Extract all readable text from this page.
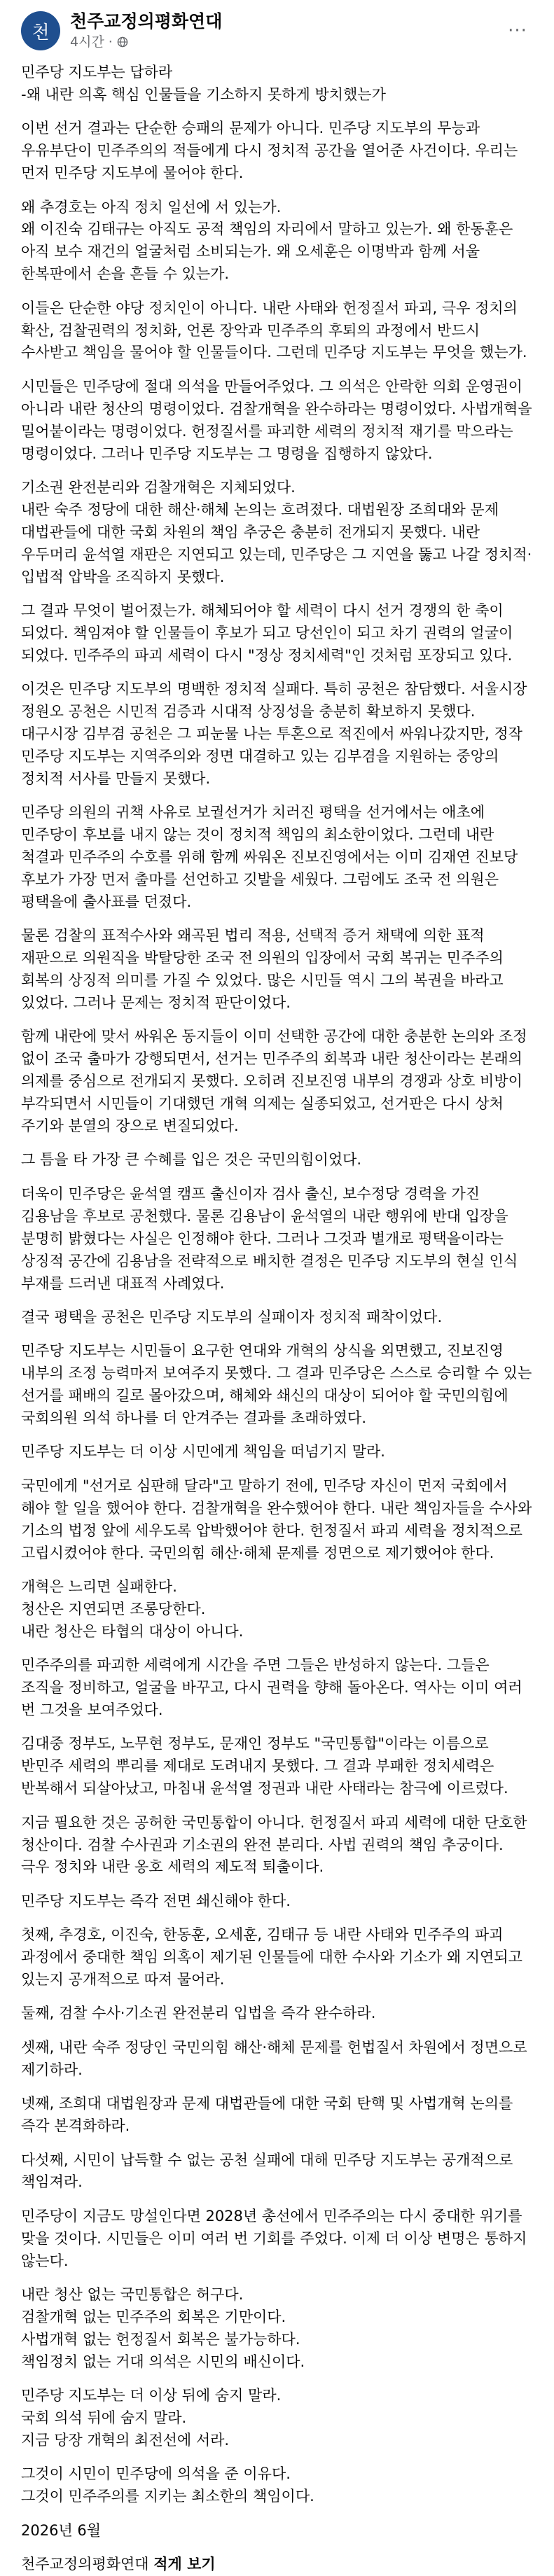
천
천주교정의평화연대
4시간 ·
···

민주당 지도부는 답하라
-왜 내란 의혹 핵심 인물들을 기소하지 못하게 방치했는가

이번 선거 결과는 단순한 승패의 문제가 아니다. 민주당 지도부의 무능과 우유부단이 민주주의의 적들에게 다시 정치적 공간을 열어준 사건이다. 우리는 먼저 민주당 지도부에 물어야 한다.

왜 추경호는 아직 정치 일선에 서 있는가.
왜 이진숙 김태규는 아직도 공적 책임의 자리에서 말하고 있는가. 왜 한동훈은 아직 보수 재건의 얼굴처럼 소비되는가. 왜 오세훈은 이명박과 함께 서울 한복판에서 손을 흔들 수 있는가.

이들은 단순한 야당 정치인이 아니다. 내란 사태와 헌정질서 파괴, 극우 정치의 확산, 검찰권력의 정치화, 언론 장악과 민주주의 후퇴의 과정에서 반드시 수사받고 책임을 물어야 할 인물들이다. 그런데 민주당 지도부는 무엇을 했는가.

시민들은 민주당에 절대 의석을 만들어주었다. 그 의석은 안락한 의회 운영권이 아니라 내란 청산의 명령이었다. 검찰개혁을 완수하라는 명령이었다. 사법개혁을 밀어붙이라는 명령이었다. 헌정질서를 파괴한 세력의 정치적 재기를 막으라는 명령이었다. 그러나 민주당 지도부는 그 명령을 집행하지 않았다.

기소권 완전분리와 검찰개혁은 지체되었다.
내란 숙주 정당에 대한 해산·해체 논의는 흐려졌다. 대법원장 조희대와 문제 대법관들에 대한 국회 차원의 책임 추궁은 충분히 전개되지 못했다. 내란 우두머리 윤석열 재판은 지연되고 있는데, 민주당은 그 지연을 뚫고 나갈 정치적·입법적 압박을 조직하지 못했다.

그 결과 무엇이 벌어졌는가. 해체되어야 할 세력이 다시 선거 경쟁의 한 축이 되었다. 책임져야 할 인물들이 후보가 되고 당선인이 되고 차기 권력의 얼굴이 되었다. 민주주의 파괴 세력이 다시 "정상 정치세력"인 것처럼 포장되고 있다.

이것은 민주당 지도부의 명백한 정치적 실패다. 특히 공천은 참담했다. 서울시장 정원오 공천은 시민적 검증과 시대적 상징성을 충분히 확보하지 못했다. 대구시장 김부겸 공천은 그 피눈물 나는 투혼으로 적진에서 싸워나갔지만, 정작 민주당 지도부는 지역주의와 정면 대결하고 있는 김부겸을 지원하는 중앙의 정치적 서사를 만들지 못했다.

민주당 의원의 귀책 사유로 보궐선거가 치러진 평택을 선거에서는 애초에 민주당이 후보를 내지 않는 것이 정치적 책임의 최소한이었다. 그런데 내란 척결과 민주주의 수호를 위해 함께 싸워온 진보진영에서는 이미 김재연 진보당 후보가 가장 먼저 출마를 선언하고 깃발을 세웠다. 그럼에도 조국 전 의원은 평택을에 출사표를 던졌다.

물론 검찰의 표적수사와 왜곡된 법리 적용, 선택적 증거 채택에 의한 표적 재판으로 의원직을 박탈당한 조국 전 의원의 입장에서 국회 복귀는 민주주의 회복의 상징적 의미를 가질 수 있었다. 많은 시민들 역시 그의 복권을 바라고 있었다. 그러나 문제는 정치적 판단이었다.

함께 내란에 맞서 싸워온 동지들이 이미 선택한 공간에 대한 충분한 논의와 조정 없이 조국 출마가 강행되면서, 선거는 민주주의 회복과 내란 청산이라는 본래의 의제를 중심으로 전개되지 못했다. 오히려 진보진영 내부의 경쟁과 상호 비방이 부각되면서 시민들이 기대했던 개혁 의제는 실종되었고, 선거판은 다시 상처 주기와 분열의 장으로 변질되었다.

그 틈을 타 가장 큰 수혜를 입은 것은 국민의힘이었다.

더욱이 민주당은 윤석열 캠프 출신이자 검사 출신, 보수정당 경력을 가진 김용남을 후보로 공천했다. 물론 김용남이 윤석열의 내란 행위에 반대 입장을 분명히 밝혔다는 사실은 인정해야 한다. 그러나 그것과 별개로 평택을이라는 상징적 공간에 김용남을 전략적으로 배치한 결정은 민주당 지도부의 현실 인식 부재를 드러낸 대표적 사례였다.

결국 평택을 공천은 민주당 지도부의 실패이자 정치적 패착이었다.

민주당 지도부는 시민들이 요구한 연대와 개혁의 상식을 외면했고, 진보진영 내부의 조정 능력마저 보여주지 못했다. 그 결과 민주당은 스스로 승리할 수 있는 선거를 패배의 길로 몰아갔으며, 해체와 쇄신의 대상이 되어야 할 국민의힘에 국회의원 의석 하나를 더 안겨주는 결과를 초래하였다.

민주당 지도부는 더 이상 시민에게 책임을 떠넘기지 말라.

국민에게 "선거로 심판해 달라"고 말하기 전에, 민주당 자신이 먼저 국회에서 해야 할 일을 했어야 한다. 검찰개혁을 완수했어야 한다. 내란 책임자들을 수사와 기소의 법정 앞에 세우도록 압박했어야 한다. 헌정질서 파괴 세력을 정치적으로 고립시켰어야 한다. 국민의힘 해산·해체 문제를 정면으로 제기했어야 한다.

개혁은 느리면 실패한다.
청산은 지연되면 조롱당한다.
내란 청산은 타협의 대상이 아니다.

민주주의를 파괴한 세력에게 시간을 주면 그들은 반성하지 않는다. 그들은 조직을 정비하고, 얼굴을 바꾸고, 다시 권력을 향해 돌아온다. 역사는 이미 여러 번 그것을 보여주었다.

김대중 정부도, 노무현 정부도, 문재인 정부도 "국민통합"이라는 이름으로 반민주 세력의 뿌리를 제대로 도려내지 못했다. 그 결과 부패한 정치세력은 반복해서 되살아났고, 마침내 윤석열 정권과 내란 사태라는 참극에 이르렀다.

지금 필요한 것은 공허한 국민통합이 아니다. 헌정질서 파괴 세력에 대한 단호한 청산이다. 검찰 수사권과 기소권의 완전 분리다. 사법 권력의 책임 추궁이다. 극우 정치와 내란 옹호 세력의 제도적 퇴출이다.

민주당 지도부는 즉각 전면 쇄신해야 한다.

첫째, 추경호, 이진숙, 한동훈, 오세훈, 김태규 등 내란 사태와 민주주의 파괴 과정에서 중대한 책임 의혹이 제기된 인물들에 대한 수사와 기소가 왜 지연되고 있는지 공개적으로 따져 물어라.

둘째, 검찰 수사·기소권 완전분리 입법을 즉각 완수하라.

셋째, 내란 숙주 정당인 국민의힘 해산·해체 문제를 헌법질서 차원에서 정면으로 제기하라.

넷째, 조희대 대법원장과 문제 대법관들에 대한 국회 탄핵 및 사법개혁 논의를 즉각 본격화하라.

다섯째, 시민이 납득할 수 없는 공천 실패에 대해 민주당 지도부는 공개적으로 책임져라.

민주당이 지금도 망설인다면 2028년 총선에서 민주주의는 다시 중대한 위기를 맞을 것이다. 시민들은 이미 여러 번 기회를 주었다. 이제 더 이상 변명은 통하지 않는다.

내란 청산 없는 국민통합은 허구다.
검찰개혁 없는 민주주의 회복은 기만이다.
사법개혁 없는 헌정질서 회복은 불가능하다.
책임정치 없는 거대 의석은 시민의 배신이다.

민주당 지도부는 더 이상 뒤에 숨지 말라.
국회 의석 뒤에 숨지 말라.
지금 당장 개혁의 최전선에 서라.

그것이 시민이 민주당에 의석을 준 이유다.
그것이 민주주의를 지키는 최소한의 책임이다.

2026년 6월

천주교정의평화연대 적게 보기
